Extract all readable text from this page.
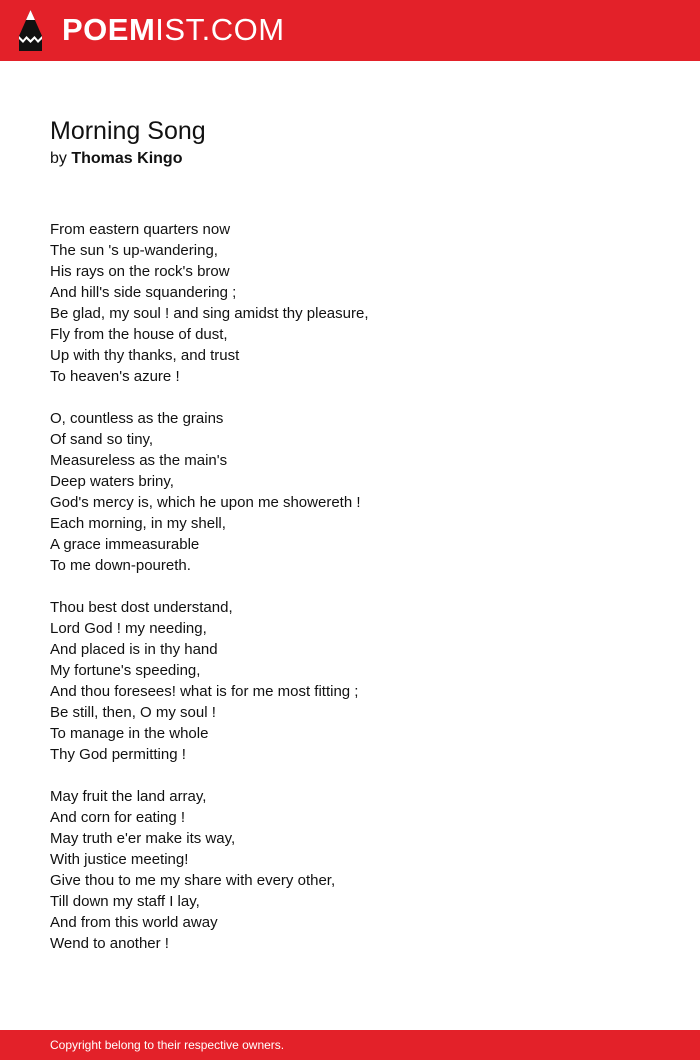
POEMIST.COM
Morning Song
by Thomas Kingo
From eastern quarters now
The sun 's up-wandering,
His rays on the rock's brow
And hill's side squandering ;
Be glad, my soul ! and sing amidst thy pleasure,
Fly from the house of dust,
Up with thy thanks, and trust
To heaven's azure !
O, countless as the grains
Of sand so tiny,
Measureless as the main's
Deep waters briny,
God's mercy is, which he upon me showereth !
Each morning, in my shell,
A grace immeasurable
To me down-poureth.
Thou best dost understand,
Lord God ! my needing,
And placed is in thy hand
My fortune's speeding,
And thou foresees! what is for me most fitting ;
Be still, then, O my soul !
To manage in the whole
Thy God permitting !
May fruit the land array,
And corn for eating !
May truth e'er make its way,
With justice meeting!
Give thou to me my share with every other,
Till down my staff I lay,
And from this world away
Wend to another !
Copyright belong to their respective owners.
